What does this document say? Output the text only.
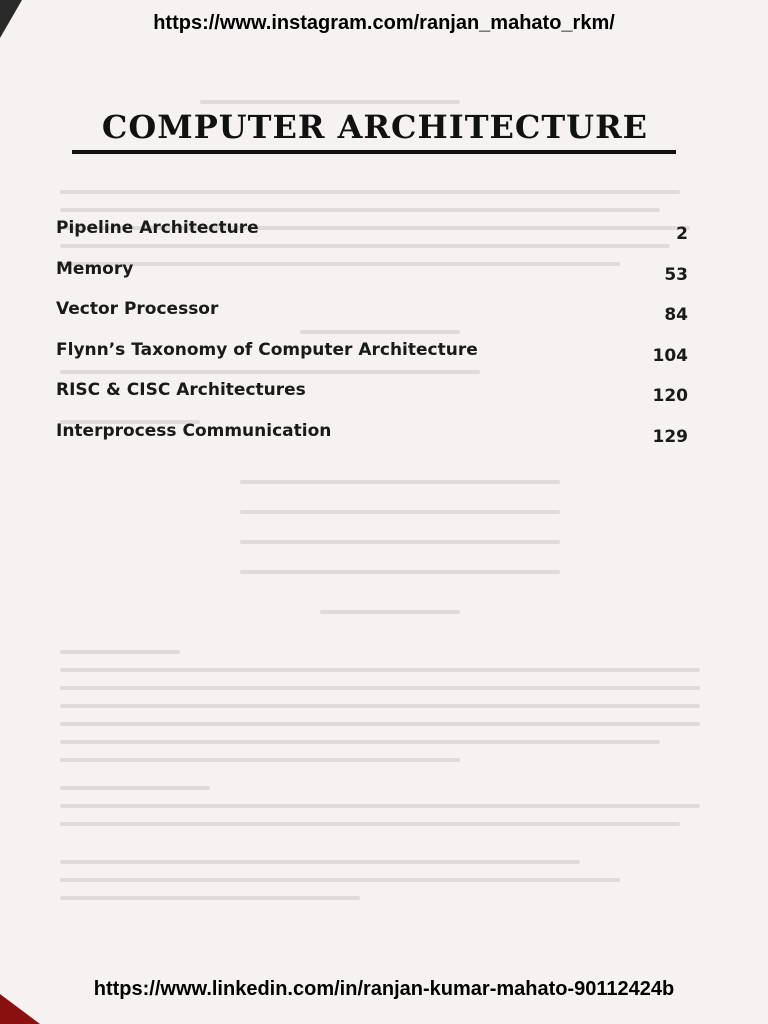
https://www.instagram.com/ranjan_mahato_rkm/
COMPUTER ARCHITECTURE
Pipeline Architecture	2
Memory	53
Vector Processor	84
Flynn’s Taxonomy of Computer Architecture	104
RISC & CISC Architectures	120
Interprocess Communication	129
https://www.linkedin.com/in/ranjan-kumar-mahato-90112424b
